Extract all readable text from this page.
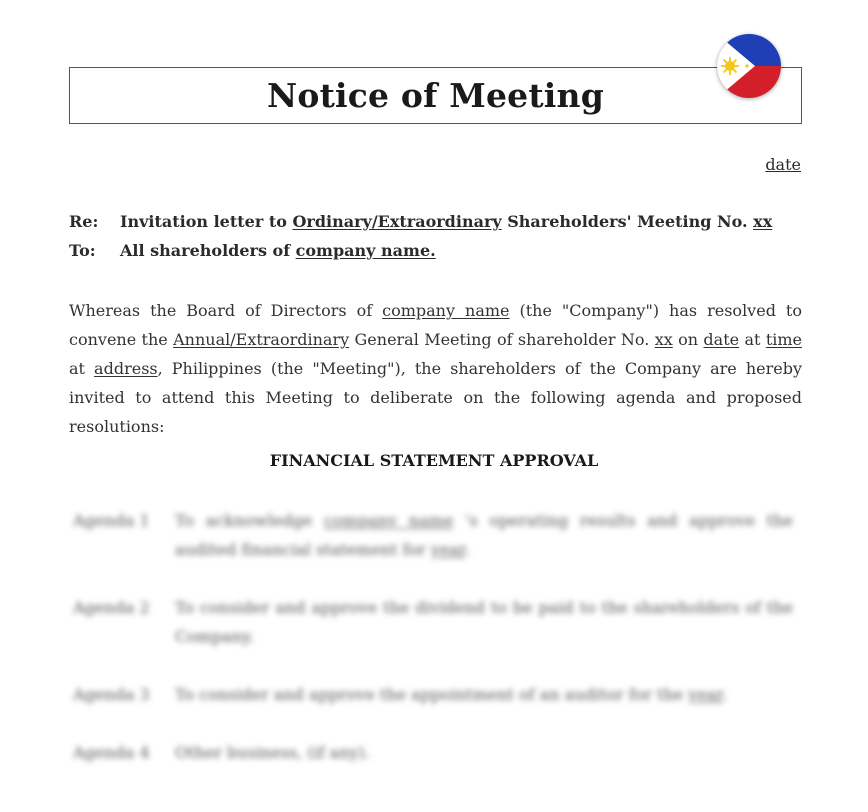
Notice of Meeting
date
Re: Invitation letter to Ordinary/Extraordinary Shareholders' Meeting No. xx
To: All shareholders of company name.
Whereas the Board of Directors of company name (the "Company") has resolved to convene the Annual/Extraordinary General Meeting of shareholder No. xx on date at time at address, Philippines (the "Meeting"), the shareholders of the Company are hereby invited to attend this Meeting to deliberate on the following agenda and proposed resolutions:
FINANCIAL STATEMENT APPROVAL
Agenda 1	To acknowledge company name 's operating results and approve the audited financial statement for year.
Agenda 2	To consider and approve the dividend to be paid to the shareholders of the Company.
Agenda 3	To consider and approve the appointment of an auditor for the year.
Agenda 4	Other business, (if any).
